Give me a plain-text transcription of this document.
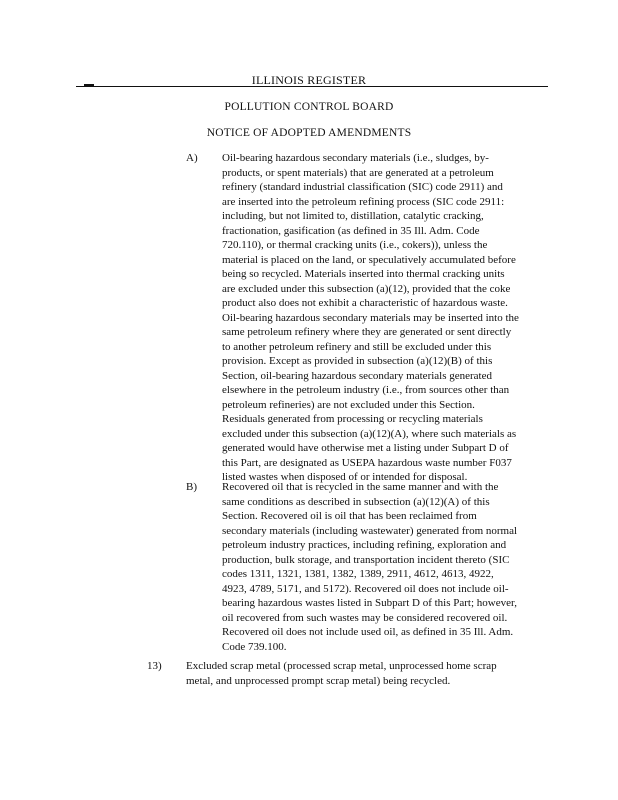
ILLINOIS REGISTER
POLLUTION CONTROL BOARD
NOTICE OF ADOPTED AMENDMENTS
A) Oil-bearing hazardous secondary materials (i.e., sludges, by-
products, or spent materials) that are generated at a petroleum
refinery (standard industrial classification (SIC) code 2911) and
are inserted into the petroleum refining process (SIC code 2911:
including, but not limited to, distillation, catalytic cracking,
fractionation, gasification (as defined in 35 Ill. Adm. Code
720.110), or thermal cracking units (i.e., cokers)), unless the
material is placed on the land, or speculatively accumulated before
being so recycled. Materials inserted into thermal cracking units
are excluded under this subsection (a)(12), provided that the coke
product also does not exhibit a characteristic of hazardous waste.
Oil-bearing hazardous secondary materials may be inserted into the
same petroleum refinery where they are generated or sent directly
to another petroleum refinery and still be excluded under this
provision. Except as provided in subsection (a)(12)(B) of this
Section, oil-bearing hazardous secondary materials generated
elsewhere in the petroleum industry (i.e., from sources other than
petroleum refineries) are not excluded under this Section.
Residuals generated from processing or recycling materials
excluded under this subsection (a)(12)(A), where such materials as
generated would have otherwise met a listing under Subpart D of
this Part, are designated as USEPA hazardous waste number F037
listed wastes when disposed of or intended for disposal.
B) Recovered oil that is recycled in the same manner and with the
same conditions as described in subsection (a)(12)(A) of this
Section. Recovered oil is oil that has been reclaimed from
secondary materials (including wastewater) generated from normal
petroleum industry practices, including refining, exploration and
production, bulk storage, and transportation incident thereto (SIC
codes 1311, 1321, 1381, 1382, 1389, 2911, 4612, 4613, 4922,
4923, 4789, 5171, and 5172). Recovered oil does not include oil-
bearing hazardous wastes listed in Subpart D of this Part; however,
oil recovered from such wastes may be considered recovered oil.
Recovered oil does not include used oil, as defined in 35 Ill. Adm.
Code 739.100.
13) Excluded scrap metal (processed scrap metal, unprocessed home scrap
metal, and unprocessed prompt scrap metal) being recycled.
